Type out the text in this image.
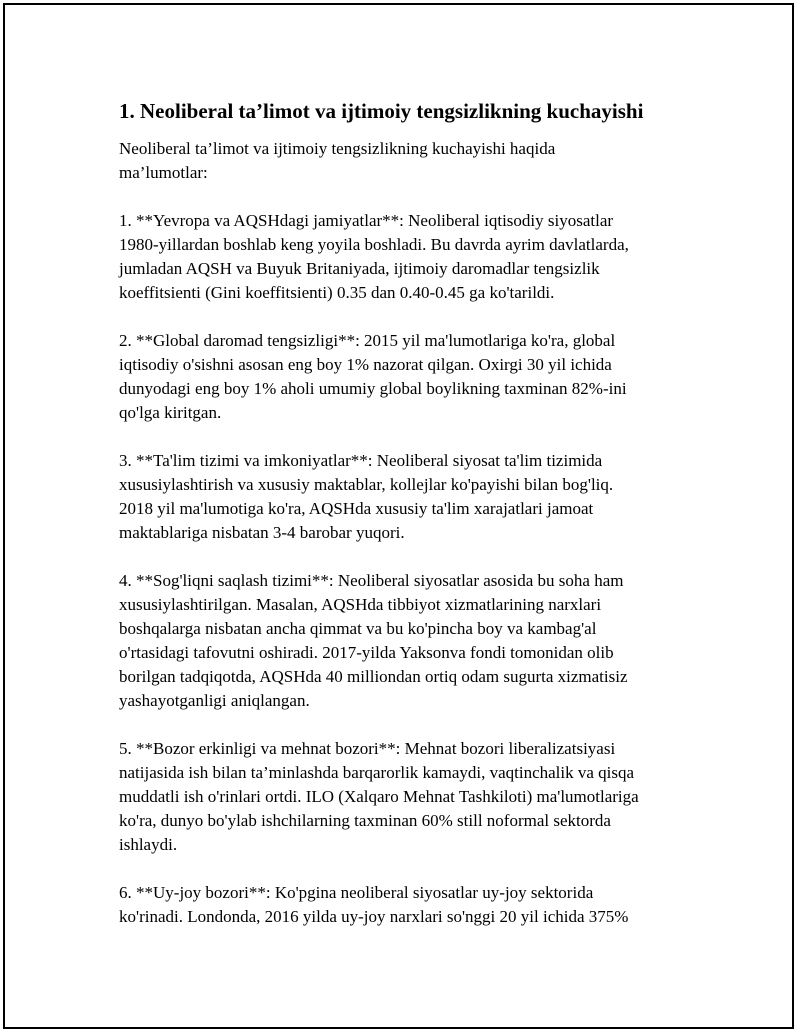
1. Neoliberal ta’limot va ijtimoiy tengsizlikning kuchayishi

Neoliberal ta’limot va ijtimoiy tengsizlikning kuchayishi haqida
ma’lumotlar:

1. **Yevropa va AQSHdagi jamiyatlar**: Neoliberal iqtisodiy siyosatlar
1980-yillardan boshlab keng yoyila boshladi. Bu davrda ayrim davlatlarda,
jumladan AQSH va Buyuk Britaniyada, ijtimoiy daromadlar tengsizlik
koeffitsienti (Gini koeffitsienti) 0.35 dan 0.40-0.45 ga ko'tarildi.

2. **Global daromad tengsizligi**: 2015 yil ma'lumotlariga ko'ra, global
iqtisodiy o'sishni asosan eng boy 1% nazorat qilgan. Oxirgi 30 yil ichida
dunyodagi eng boy 1% aholi umumiy global boylikning taxminan 82%-ini
qo'lga kiritgan.

3. **Ta'lim tizimi va imkoniyatlar**: Neoliberal siyosat ta'lim tizimida
xususiylashtirish va xususiy maktablar, kollejlar ko'payishi bilan bog'liq.
2018 yil ma'lumotiga ko'ra, AQSHda xususiy ta'lim xarajatlari jamoat
maktablariga nisbatan 3-4 barobar yuqori.

4. **Sog'liqni saqlash tizimi**: Neoliberal siyosatlar asosida bu soha ham
xususiylashtirilgan. Masalan, AQSHda tibbiyot xizmatlarining narxlari
boshqalarga nisbatan ancha qimmat va bu ko'pincha boy va kambag'al
o'rtasidagi tafovutni oshiradi. 2017-yilda Yaksonva fondi tomonidan olib
borilgan tadqiqotda, AQSHda 40 milliondan ortiq odam sugurta xizmatisiz
yashayotganligi aniqlangan.

5. **Bozor erkinligi va mehnat bozori**: Mehnat bozori liberalizatsiyasi
natijasida ish bilan ta’minlashda barqarorlik kamaydi, vaqtinchalik va qisqa
muddatli ish o'rinlari ortdi. ILO (Xalqaro Mehnat Tashkiloti) ma'lumotlariga
ko'ra, dunyo bo'ylab ishchilarning taxminan 60% still noformal sektorda
ishlaydi.

6. **Uy-joy bozori**: Ko'pgina neoliberal siyosatlar uy-joy sektorida
ko'rinadi. Londonda, 2016 yilda uy-joy narxlari so'nggi 20 yil ichida 375%
